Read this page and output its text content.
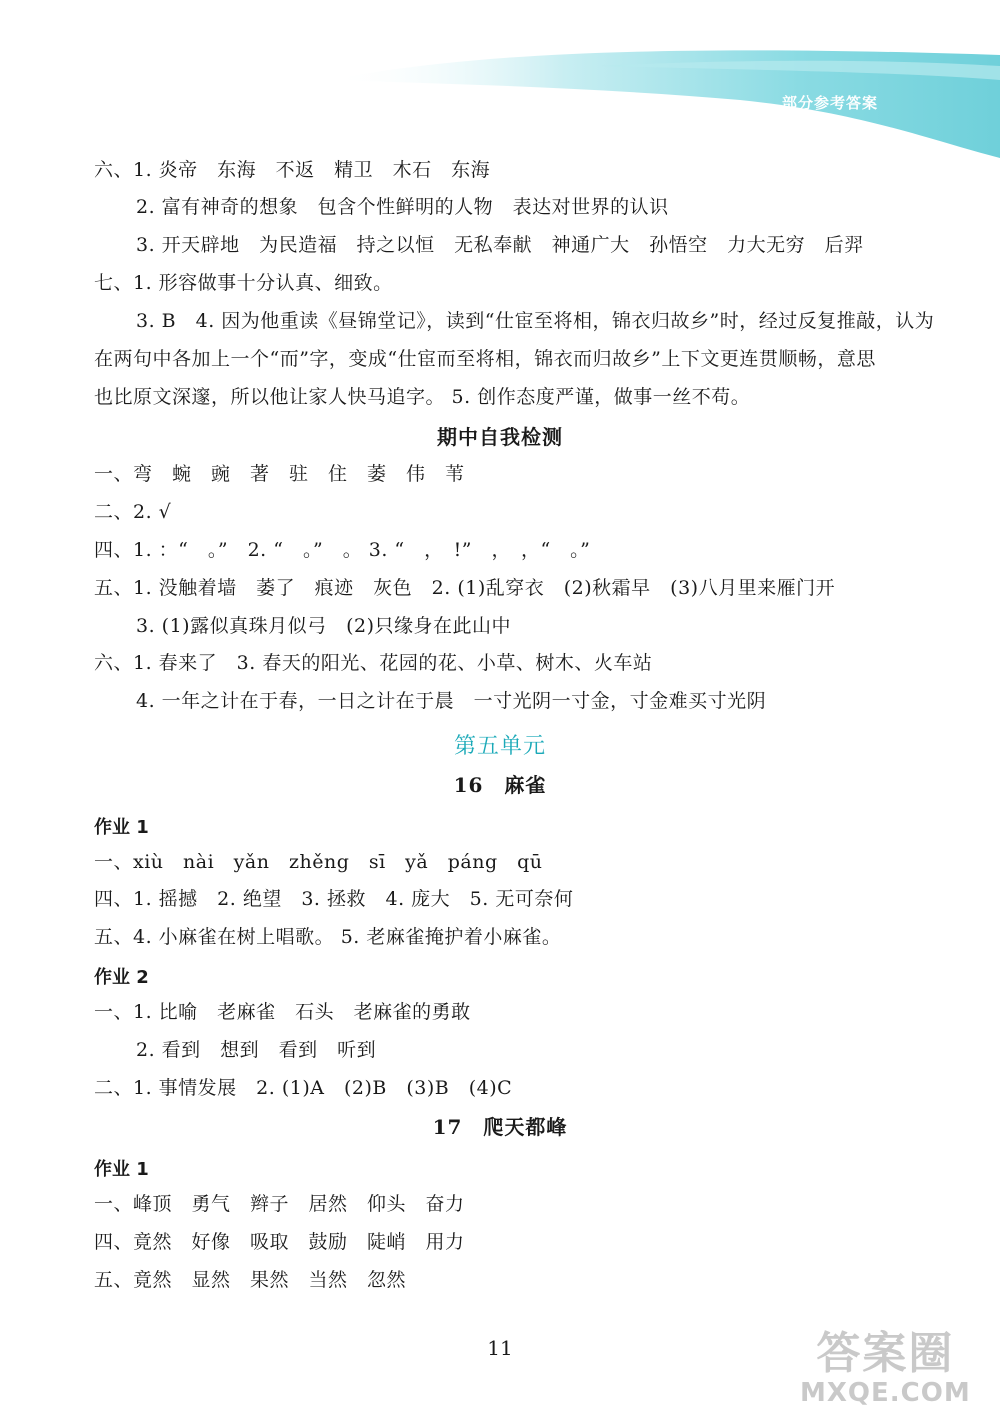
部分参考答案
六、1. 炎帝　东海　不返　精卫　木石　东海
2. 富有神奇的想象　包含个性鲜明的人物　表达对世界的认识
3. 开天辟地　为民造福　持之以恒　无私奉献　神通广大　孙悟空　力大无穷　后羿
七、1. 形容做事十分认真、细致。
3. B　4. 因为他重读《昼锦堂记》，读到“仕宦至将相，锦衣归故乡”时，经过反复推敲，认为
在两句中各加上一个“而”字，变成“仕宦而至将相，锦衣而归故乡”上下文更连贯顺畅，意思
也比原文深邃，所以他让家人快马追字。 5. 创作态度严谨，做事一丝不苟。
期中自我检测
一、弯　蜿　豌　著　驻　住　萎　伟　苇
二、2. √
四、1. ：“　。”　2. “　。”　。 3. “　，　!”　，　，“　。”
五、1. 没触着墙　萎了　痕迹　灰色　2. (1)乱穿衣　(2)秋霜早　(3)八月里来雁门开
3. (1)露似真珠月似弓　(2)只缘身在此山中
六、1. 春来了　3. 春天的阳光、花园的花、小草、树木、火车站
4. 一年之计在于春，一日之计在于晨　一寸光阴一寸金，寸金难买寸光阴
第五单元
16　麻雀
作业 1
一、xiù　nài　yǎn　zhěng　sī　yǎ　páng　qū
四、1. 摇撼　2. 绝望　3. 拯救　4. 庞大　5. 无可奈何
五、4. 小麻雀在树上唱歌。 5. 老麻雀掩护着小麻雀。
作业 2
一、1. 比喻　老麻雀　石头　老麻雀的勇敢
2. 看到　想到　看到　听到
二、1. 事情发展　2. (1)A　(2)B　(3)B　(4)C
17　爬天都峰
作业 1
一、峰顶　勇气　辫子　居然　仰头　奋力
四、竟然　好像　吸取　鼓励　陡峭　用力
五、竟然　显然　果然　当然　忽然
11	答案圈
MXQE.COM
